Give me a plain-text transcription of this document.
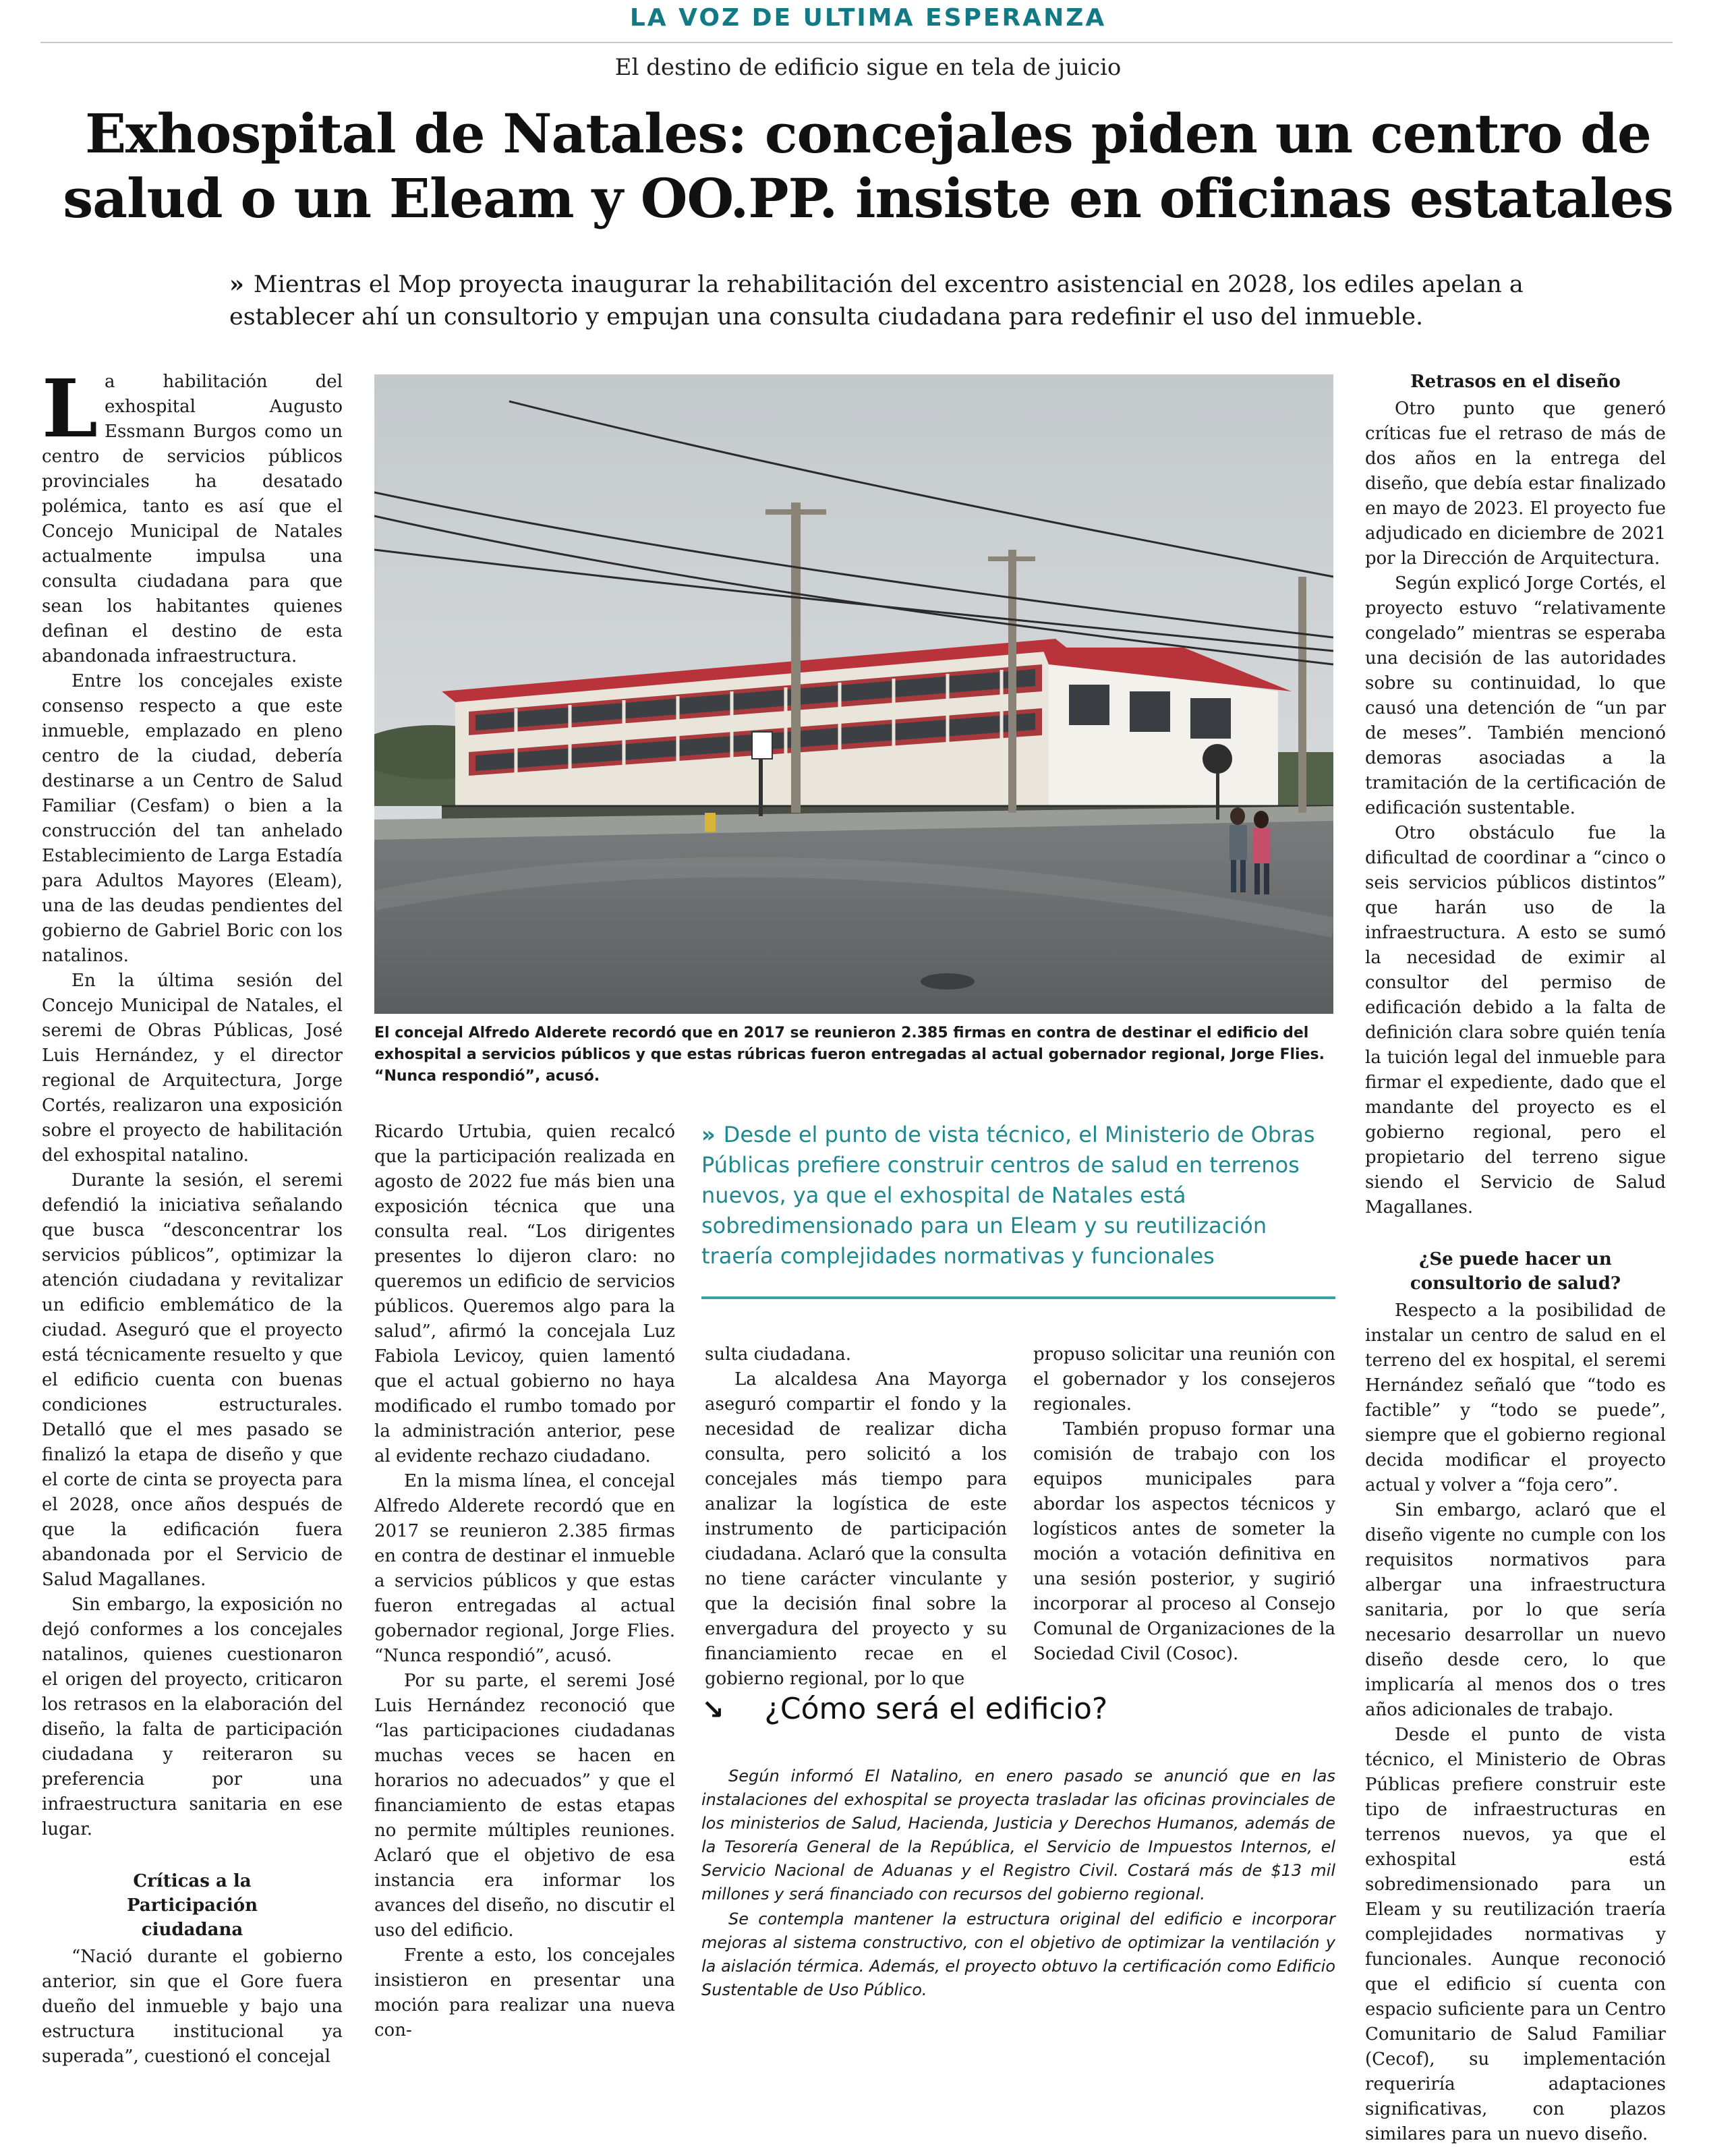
LA VOZ DE ULTIMA ESPERANZA
El destino de edificio sigue en tela de juicio
Exhospital de Natales: concejales piden un centro de salud o un Eleam y OO.PP. insiste en oficinas estatales
» Mientras el Mop proyecta inaugurar la rehabilitación del excentro asistencial en 2028, los ediles apelan a establecer ahí un consultorio y empujan una consulta ciudadana para redefinir el uso del inmueble.

La habilitación del exhospital Augusto Essmann Burgos como un centro de servicios públicos provinciales ha desatado polémica, tanto es así que el Concejo Municipal de Natales actualmente impulsa una consulta ciudadana para que sean los habitantes quienes definan el destino de esta abandonada infraestructura.

Entre los concejales existe consenso respecto a que este inmueble, emplazado en pleno centro de la ciudad, debería destinarse a un Centro de Salud Familiar (Cesfam) o bien a la construcción del tan anhelado Establecimiento de Larga Estadía para Adultos Mayores (Eleam), una de las deudas pendientes del gobierno de Gabriel Boric con los natalinos.

En la última sesión del Concejo Municipal de Natales, el seremi de Obras Públicas, José Luis Hernández, y el director regional de Arquitectura, Jorge Cortés, realizaron una exposición sobre el proyecto de habilitación del exhospital natalino.

Durante la sesión, el seremi defendió la iniciativa señalando que busca “desconcentrar los servicios públicos”, optimizar la atención ciudadana y revitalizar un edificio emblemático de la ciudad. Aseguró que el proyecto está técnicamente resuelto y que el edificio cuenta con buenas condiciones estructurales. Detalló que el mes pasado se finalizó la etapa de diseño y que el corte de cinta se proyecta para el 2028, once años después de que la edificación fuera abandonada por el Servicio de Salud Magallanes.

Sin embargo, la exposición no dejó conformes a los concejales natalinos, quienes cuestionaron el origen del proyecto, criticaron los retrasos en la elaboración del diseño, la falta de participación ciudadana y reiteraron su preferencia por una infraestructura sanitaria en ese lugar.

Críticas a la Participación ciudadana

“Nació durante el gobierno anterior, sin que el Gore fuera dueño del inmueble y bajo una estructura institucional ya superada”, cuestionó el concejal

El concejal Alfredo Alderete recordó que en 2017 se reunieron 2.385 firmas en contra de destinar el edificio del exhospital a servicios públicos y que estas rúbricas fueron entregadas al actual gobernador regional, Jorge Flies. “Nunca respondió”, acusó.

Ricardo Urtubia, quien recalcó que la participación realizada en agosto de 2022 fue más bien una exposición técnica que una consulta real. “Los dirigentes presentes lo dijeron claro: no queremos un edificio de servicios públicos. Queremos algo para la salud”, afirmó la concejala Luz Fabiola Levicoy, quien lamentó que el actual gobierno no haya modificado el rumbo tomado por la administración anterior, pese al evidente rechazo ciudadano.

En la misma línea, el concejal Alfredo Alderete recordó que en 2017 se reunieron 2.385 firmas en contra de destinar el inmueble a servicios públicos y que estas fueron entregadas al actual gobernador regional, Jorge Flies. “Nunca respondió”, acusó.

Por su parte, el seremi José Luis Hernández reconoció que “las participaciones ciudadanas muchas veces se hacen en horarios no adecuados” y que el financiamiento de estas etapas no permite múltiples reuniones. Aclaró que el objetivo de esa instancia era informar los avances del diseño, no discutir el uso del edificio.

Frente a esto, los concejales insistieron en presentar una moción para realizar una nueva con-

» Desde el punto de vista técnico, el Ministerio de Obras Públicas prefiere construir centros de salud en terrenos nuevos, ya que el exhospital de Natales está sobredimensionado para un Eleam y su reutilización traería complejidades normativas y funcionales

sulta ciudadana.

La alcaldesa Ana Mayorga aseguró compartir el fondo y la necesidad de realizar dicha consulta, pero solicitó a los concejales más tiempo para analizar la logística de este instrumento de participación ciudadana. Aclaró que la consulta no tiene carácter vinculante y que la decisión final sobre la envergadura del proyecto y su financiamiento recae en el gobierno regional, por lo que

propuso solicitar una reunión con el gobernador y los consejeros regionales.

También propuso formar una comisión de trabajo con los equipos municipales para abordar los aspectos técnicos y logísticos antes de someter la moción a votación definitiva en una sesión posterior, y sugirió incorporar al proceso al Consejo Comunal de Organizaciones de la Sociedad Civil (Cosoc).

↘ ¿Cómo será el edificio?

Según informó El Natalino, en enero pasado se anunció que en las instalaciones del exhospital se proyecta trasladar las oficinas provinciales de los ministerios de Salud, Hacienda, Justicia y Derechos Humanos, además de la Tesorería General de la República, el Servicio de Impuestos Internos, el Servicio Nacional de Aduanas y el Registro Civil. Costará más de $13 mil millones y será financiado con recursos del gobierno regional.

Se contempla mantener la estructura original del edificio e incorporar mejoras al sistema constructivo, con el objetivo de optimizar la ventilación y la aislación térmica. Además, el proyecto obtuvo la certificación como Edificio Sustentable de Uso Público.

Retrasos en el diseño

Otro punto que generó críticas fue el retraso de más de dos años en la entrega del diseño, que debía estar finalizado en mayo de 2023. El proyecto fue adjudicado en diciembre de 2021 por la Dirección de Arquitectura.

Según explicó Jorge Cortés, el proyecto estuvo “relativamente congelado” mientras se esperaba una decisión de las autoridades sobre su continuidad, lo que causó una detención de “un par de meses”. También mencionó demoras asociadas a la tramitación de la certificación de edificación sustentable.

Otro obstáculo fue la dificultad de coordinar a “cinco o seis servicios públicos distintos” que harán uso de la infraestructura. A esto se sumó la necesidad de eximir al consultor del permiso de edificación debido a la falta de definición clara sobre quién tenía la tuición legal del inmueble para firmar el expediente, dado que el mandante del proyecto es el gobierno regional, pero el propietario del terreno sigue siendo el Servicio de Salud Magallanes.

¿Se puede hacer un consultorio de salud?

Respecto a la posibilidad de instalar un centro de salud en el terreno del ex hospital, el seremi Hernández señaló que “todo es factible” y “todo se puede”, siempre que el gobierno regional decida modificar el proyecto actual y volver a “foja cero”.

Sin embargo, aclaró que el diseño vigente no cumple con los requisitos normativos para albergar una infraestructura sanitaria, por lo que sería necesario desarrollar un nuevo diseño desde cero, lo que implicaría al menos dos o tres años adicionales de trabajo.

Desde el punto de vista técnico, el Ministerio de Obras Públicas prefiere construir este tipo de infraestructuras en terrenos nuevos, ya que el exhospital está sobredimensionado para un Eleam y su reutilización traería complejidades normativas y funcionales. Aunque reconoció que el edificio sí cuenta con espacio suficiente para un Centro Comunitario de Salud Familiar (Cecof), su implementación requeriría adaptaciones significativas, con plazos similares para un nuevo diseño.
